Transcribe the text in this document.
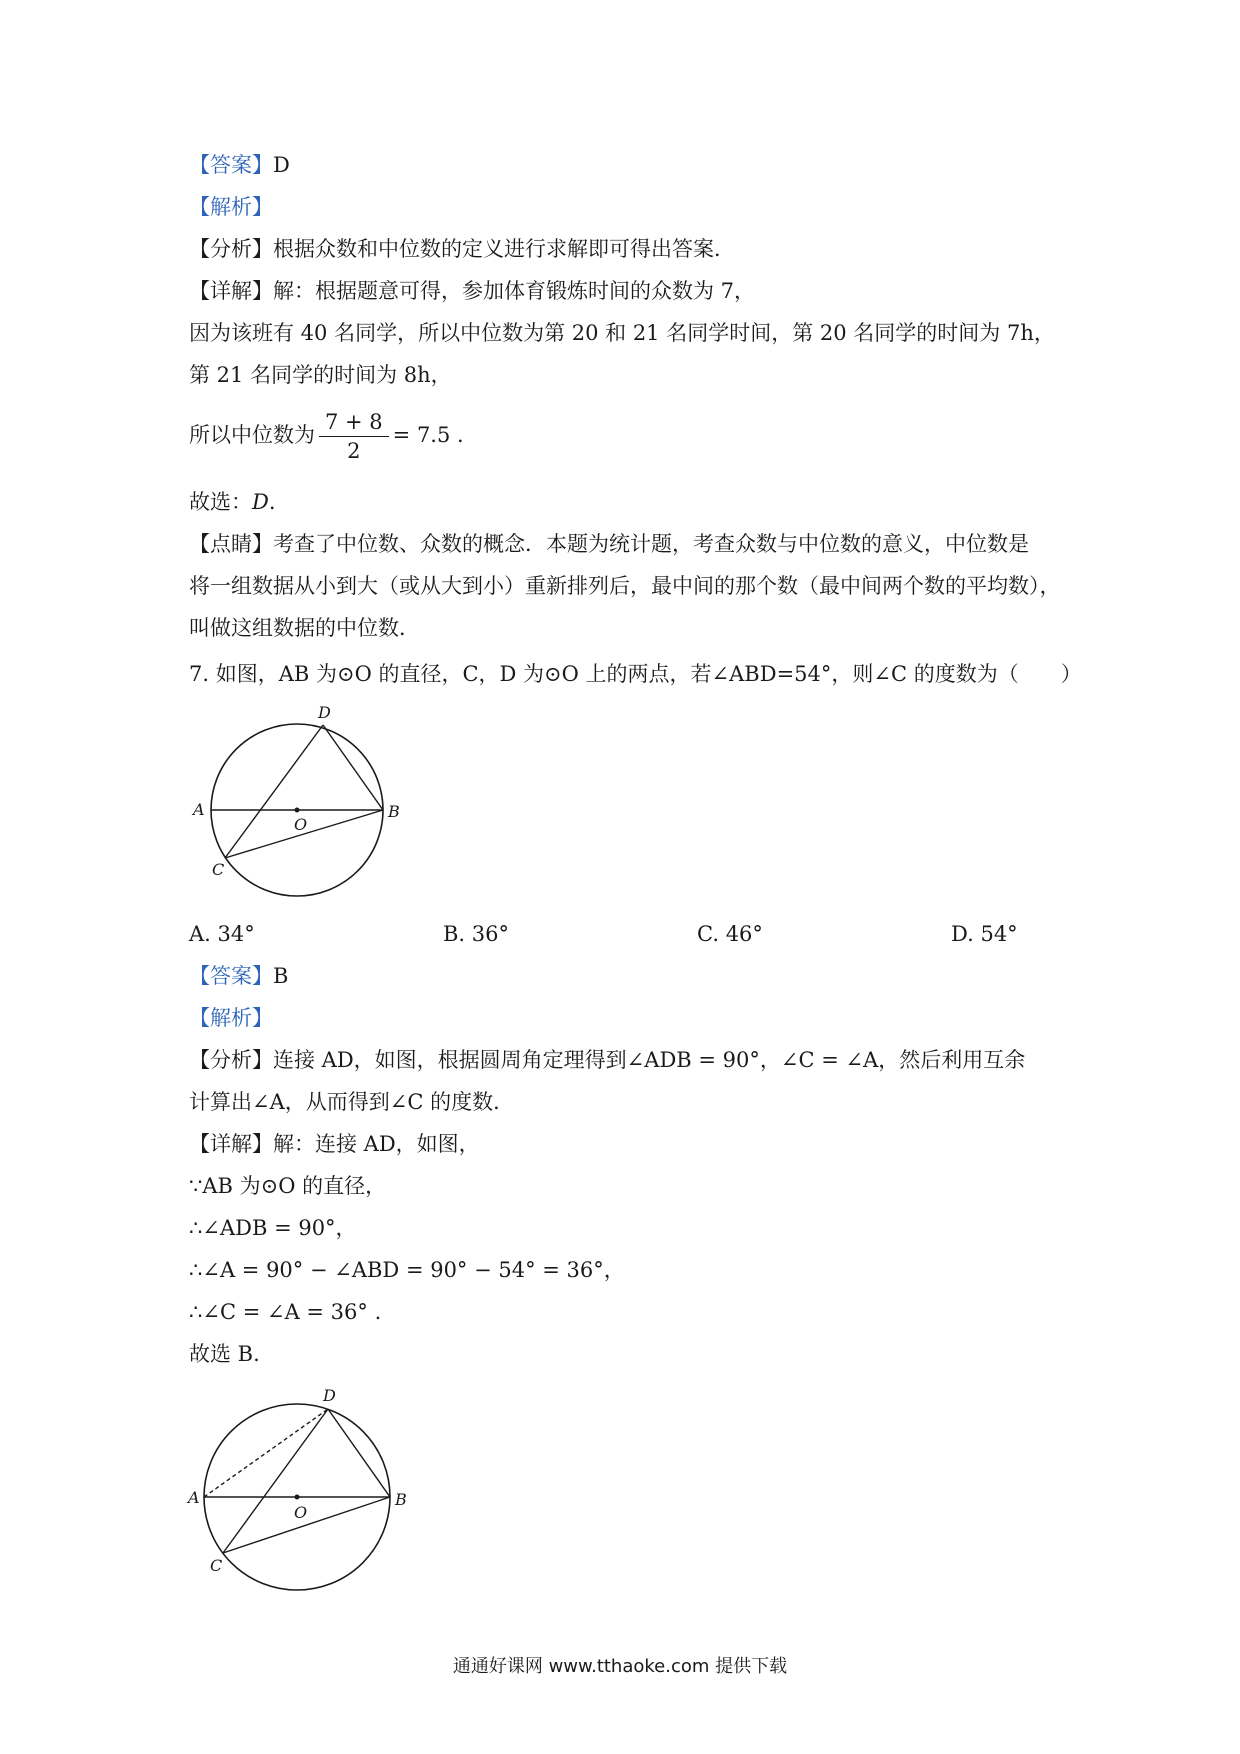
【答案】D
【解析】
【分析】根据众数和中位数的定义进行求解即可得出答案．
【详解】解：根据题意可得，参加体育锻炼时间的众数为 7，
因为该班有 40 名同学，所以中位数为第 20 和 21 名同学时间，第 20 名同学的时间为 7h，
第 21 名同学的时间为 8h，
所以中位数为 $\frac{7 + 8}{2} = 7.5$ .
故选：D.
【点睛】考查了中位数、众数的概念．本题为统计题，考查众数与中位数的意义，中位数是
将一组数据从小到大（或从大到小）重新排列后，最中间的那个数（最中间两个数的平均数），
叫做这组数据的中位数．
7. 如图，AB 为⊙O 的直径，C，D 为⊙O 上的两点，若∠ABD=54°，则∠C 的度数为（　　）
A	B
C
D
O
A. 34°	B. 36°	C. 46°	D. 54°
【答案】B
【解析】
【分析】连接 AD，如图，根据圆周角定理得到∠ADB = 90°，∠C = ∠A，然后利用互余
计算出∠A，从而得到∠C 的度数．
【详解】解：连接 AD，如图，
∵AB 为⊙O 的直径，
∴∠ADB = 90°，
∴∠A = 90° − ∠ABD = 90° − 54° = 36°，
∴∠C = ∠A = 36° .
故选 B.
A	B
C
D
O
通通好课网 www.tthaoke.com 提供下载
